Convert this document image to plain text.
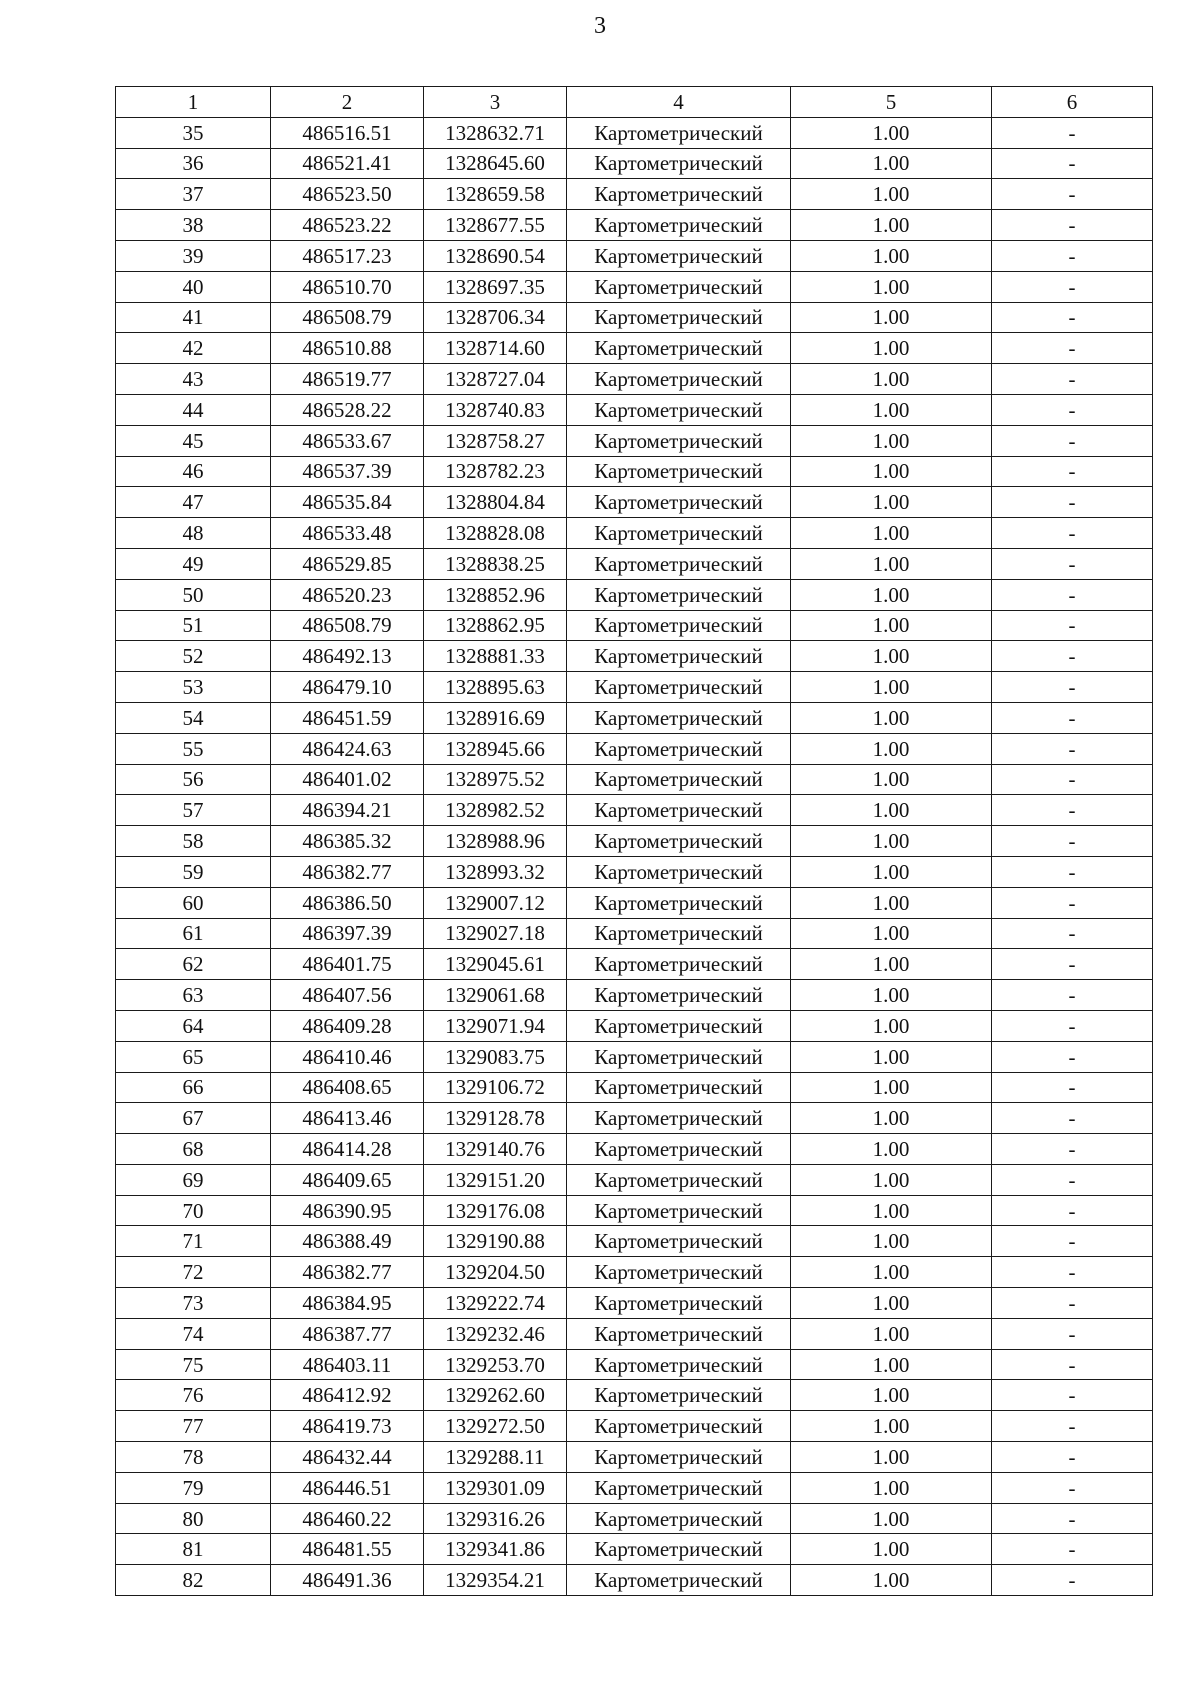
3
1	2	3	4	5	6
35	486516.51	1328632.71	Картометрический	1.00	-
36	486521.41	1328645.60	Картометрический	1.00	-
37	486523.50	1328659.58	Картометрический	1.00	-
38	486523.22	1328677.55	Картометрический	1.00	-
39	486517.23	1328690.54	Картометрический	1.00	-
40	486510.70	1328697.35	Картометрический	1.00	-
41	486508.79	1328706.34	Картометрический	1.00	-
42	486510.88	1328714.60	Картометрический	1.00	-
43	486519.77	1328727.04	Картометрический	1.00	-
44	486528.22	1328740.83	Картометрический	1.00	-
45	486533.67	1328758.27	Картометрический	1.00	-
46	486537.39	1328782.23	Картометрический	1.00	-
47	486535.84	1328804.84	Картометрический	1.00	-
48	486533.48	1328828.08	Картометрический	1.00	-
49	486529.85	1328838.25	Картометрический	1.00	-
50	486520.23	1328852.96	Картометрический	1.00	-
51	486508.79	1328862.95	Картометрический	1.00	-
52	486492.13	1328881.33	Картометрический	1.00	-
53	486479.10	1328895.63	Картометрический	1.00	-
54	486451.59	1328916.69	Картометрический	1.00	-
55	486424.63	1328945.66	Картометрический	1.00	-
56	486401.02	1328975.52	Картометрический	1.00	-
57	486394.21	1328982.52	Картометрический	1.00	-
58	486385.32	1328988.96	Картометрический	1.00	-
59	486382.77	1328993.32	Картометрический	1.00	-
60	486386.50	1329007.12	Картометрический	1.00	-
61	486397.39	1329027.18	Картометрический	1.00	-
62	486401.75	1329045.61	Картометрический	1.00	-
63	486407.56	1329061.68	Картометрический	1.00	-
64	486409.28	1329071.94	Картометрический	1.00	-
65	486410.46	1329083.75	Картометрический	1.00	-
66	486408.65	1329106.72	Картометрический	1.00	-
67	486413.46	1329128.78	Картометрический	1.00	-
68	486414.28	1329140.76	Картометрический	1.00	-
69	486409.65	1329151.20	Картометрический	1.00	-
70	486390.95	1329176.08	Картометрический	1.00	-
71	486388.49	1329190.88	Картометрический	1.00	-
72	486382.77	1329204.50	Картометрический	1.00	-
73	486384.95	1329222.74	Картометрический	1.00	-
74	486387.77	1329232.46	Картометрический	1.00	-
75	486403.11	1329253.70	Картометрический	1.00	-
76	486412.92	1329262.60	Картометрический	1.00	-
77	486419.73	1329272.50	Картометрический	1.00	-
78	486432.44	1329288.11	Картометрический	1.00	-
79	486446.51	1329301.09	Картометрический	1.00	-
80	486460.22	1329316.26	Картометрический	1.00	-
81	486481.55	1329341.86	Картометрический	1.00	-
82	486491.36	1329354.21	Картометрический	1.00	-
